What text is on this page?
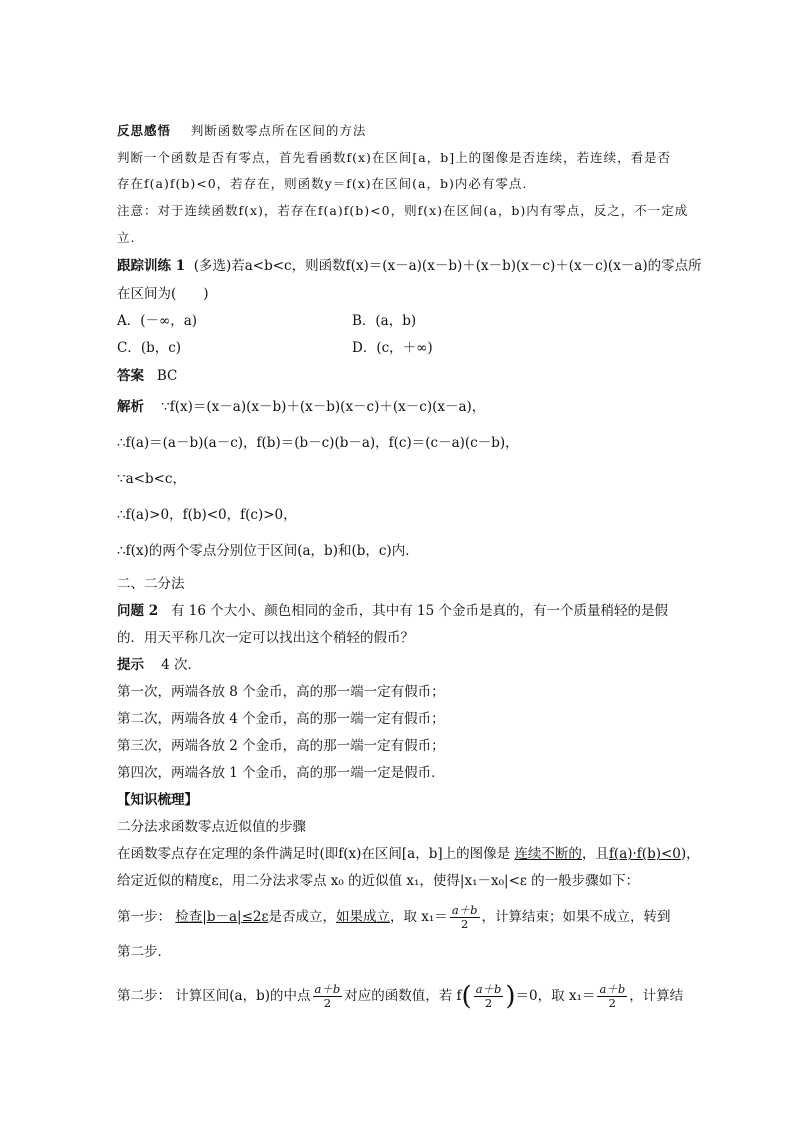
反思感悟 判断函数零点所在区间的方法
判断一个函数是否有零点，首先看函数f(x)在区间[a，b]上的图像是否连续，若连续，看是否
存在f(a)f(b)<0，若存在，则函数y＝f(x)在区间(a，b)内必有零点.
注意：对于连续函数f(x)，若存在f(a)f(b)<0，则f(x)在区间(a，b)内有零点，反之，不一定成
立.
跟踪训练 1 (多选)若a<b<c，则函数f(x)＝(x－a)(x－b)＋(x－b)(x－c)＋(x－c)(x－a)的零点所
在区间为(　　)
A．(－∞，a)	B．(a，b)
C．(b，c)	D．(c，＋∞)
答案 BC
解析 ∵f(x)＝(x－a)(x－b)＋(x－b)(x－c)＋(x－c)(x－a)，
∴f(a)＝(a－b)(a－c)，f(b)＝(b－c)(b－a)，f(c)＝(c－a)(c－b)，
∵a<b<c，
∴f(a)>0，f(b)<0，f(c)>0，
∴f(x)的两个零点分别位于区间(a，b)和(b，c)内．
二、二分法
问题 2 有 16 个大小、颜色相同的金币，其中有 15 个金币是真的，有一个质量稍轻的是假
的．用天平称几次一定可以找出这个稍轻的假币？
提示 4 次．
第一次，两端各放 8 个金币，高的那一端一定有假币；
第二次，两端各放 4 个金币，高的那一端一定有假币；
第三次，两端各放 2 个金币，高的那一端一定有假币；
第四次，两端各放 1 个金币，高的那一端一定是假币．
【知识梳理】
二分法求函数零点近似值的步骤
在函数零点存在定理的条件满足时(即f(x)在区间[a，b]上的图像是 连续不断的，且f(a)·f(b)<0)，
给定近似的精度ε，用二分法求零点 x₀ 的近似值 x₁，使得|x₁－x₀|<ε 的一般步骤如下：
第一步： 检查|b－a|≤2ε是否成立，如果成立，取 $x_1= \frac{a+b}{2}$ ，计算结束；如果不成立，转到
第二步．
第二步： 计算区间(a，b)的中点 $\frac{a+b}{2}$ 对应的函数值，若 $f( \frac{a+b}{2} )=0$，取 $x_1= \frac{a+b}{2}$ ，计算结
